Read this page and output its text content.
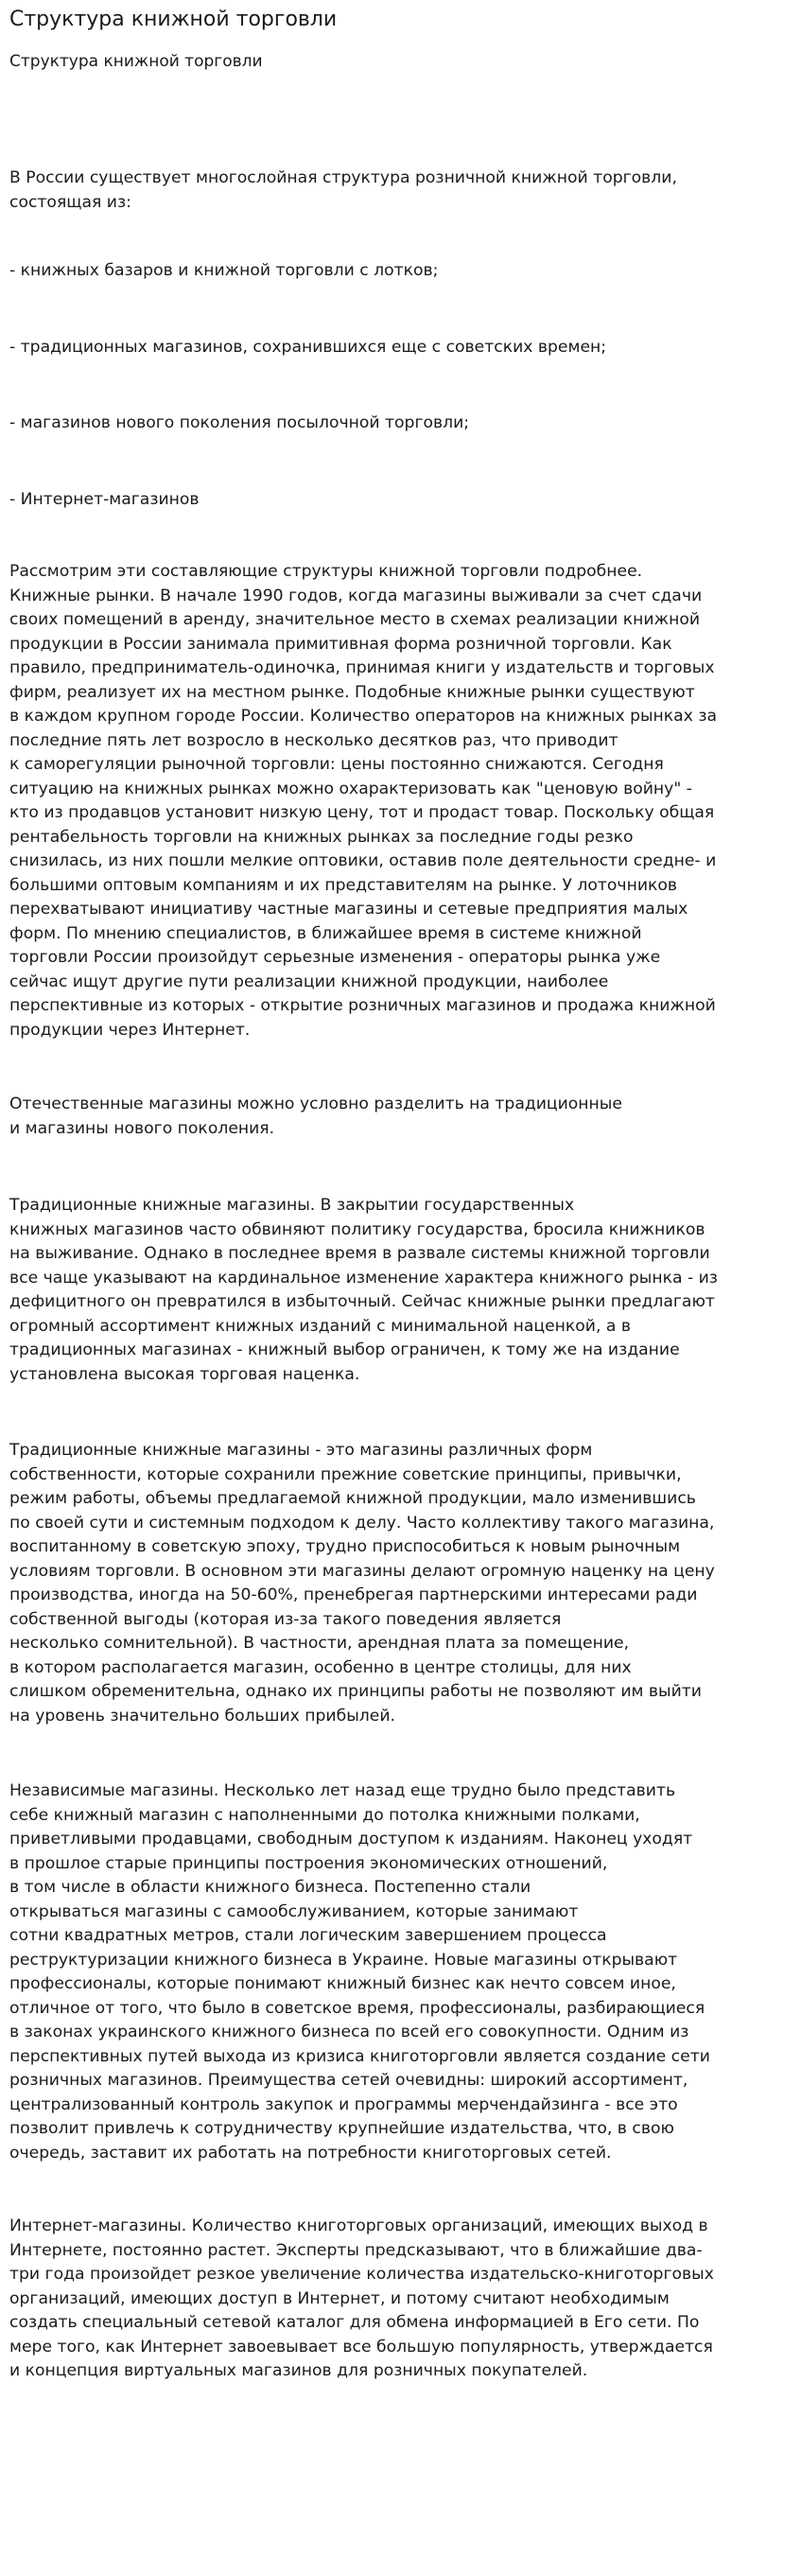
Структура книжной торговли
Структура книжной торговли

В России существует многослойная структура розничной книжной торговли,
состоящая из:

- книжных базаров и книжной торговли с лотков;

- традиционных магазинов, сохранившихся еще с советских времен;

- магазинов нового поколения посылочной торговли;

- Интернет-магазинов

Рассмотрим эти составляющие структуры книжной торговли подробнее.
Книжные рынки. В начале 1990 годов, когда магазины выживали за счет сдачи
своих помещений в аренду, значительное место в схемах реализации книжной
продукции в России занимала примитивная форма розничной торговли. Как
правило, предприниматель-одиночка, принимая книги у издательств и торговых
фирм, реализует их на местном рынке. Подобные книжные рынки существуют
в каждом крупном городе России. Количество операторов на книжных рынках за
последние пять лет возросло в несколько десятков раз, что приводит
к саморегуляции рыночной торговли: цены постоянно снижаются. Сегодня
ситуацию на книжных рынках можно охарактеризовать как "ценовую войну" -
кто из продавцов установит низкую цену, тот и продаст товар. Поскольку общая
рентабельность торговли на книжных рынках за последние годы резко
снизилась, из них пошли мелкие оптовики, оставив поле деятельности средне- и
большими оптовым компаниям и их представителям на рынке. У лоточников
перехватывают инициативу частные магазины и сетевые предприятия малых
форм. По мнению специалистов, в ближайшее время в системе книжной
торговли России произойдут серьезные изменения - операторы рынка уже
сейчас ищут другие пути реализации книжной продукции, наиболее
перспективные из которых - открытие розничных магазинов и продажа книжной
продукции через Интернет.

Отечественные магазины можно условно разделить на традиционные
и магазины нового поколения.

Традиционные книжные магазины. В закрытии государственных
книжных магазинов часто обвиняют политику государства, бросила книжников
на выживание. Однако в последнее время в развале системы книжной торговли
все чаще указывают на кардинальное изменение характера книжного рынка - из
дефицитного он превратился в избыточный. Сейчас книжные рынки предлагают
огромный ассортимент книжных изданий с минимальной наценкой, а в
традиционных магазинах - книжный выбор ограничен, к тому же на издание
установлена высокая торговая наценка.

Традиционные книжные магазины - это магазины различных форм
собственности, которые сохранили прежние советские принципы, привычки,
режим работы, объемы предлагаемой книжной продукции, мало изменившись
по своей сути и системным подходом к делу. Часто коллективу такого магазина,
воспитанному в советскую эпоху, трудно приспособиться к новым рыночным
условиям торговли. В основном эти магазины делают огромную наценку на цену
производства, иногда на 50-60%, пренебрегая партнерскими интересами ради
собственной выгоды (которая из-за такого поведения является
несколько сомнительной). В частности, арендная плата за помещение,
в котором располагается магазин, особенно в центре столицы, для них
слишком обременительна, однако их принципы работы не позволяют им выйти
на уровень значительно больших прибылей.

Независимые магазины. Несколько лет назад еще трудно было представить
себе книжный магазин с наполненными до потолка книжными полками,
приветливыми продавцами, свободным доступом к изданиям. Наконец уходят
в прошлое старые принципы построения экономических отношений,
в том числе в области книжного бизнеса. Постепенно стали
открываться магазины с самообслуживанием, которые занимают
сотни квадратных метров, стали логическим завершением процесса
реструктуризации книжного бизнеса в Украине. Новые магазины открывают
профессионалы, которые понимают книжный бизнес как нечто совсем иное,
отличное от того, что было в советское время, профессионалы, разбирающиеся
в законах украинского книжного бизнеса по всей его совокупности. Одним из
перспективных путей выхода из кризиса книготорговли является создание сети
розничных магазинов. Преимущества сетей очевидны: широкий ассортимент,
централизованный контроль закупок и программы мерчендайзинга - все это
позволит привлечь к сотрудничеству крупнейшие издательства, что, в свою
очередь, заставит их работать на потребности книготорговых сетей.

Интернет-магазины. Количество книготорговых организаций, имеющих выход в
Интернете, постоянно растет. Эксперты предсказывают, что в ближайшие два-
три года произойдет резкое увеличение количества издательско-книготорговых
организаций, имеющих доступ в Интернет, и потому считают необходимым
создать специальный сетевой каталог для обмена информацией в Его сети. По
мере того, как Интернет завоевывает все большую популярность, утверждается
и концепция виртуальных магазинов для розничных покупателей.
